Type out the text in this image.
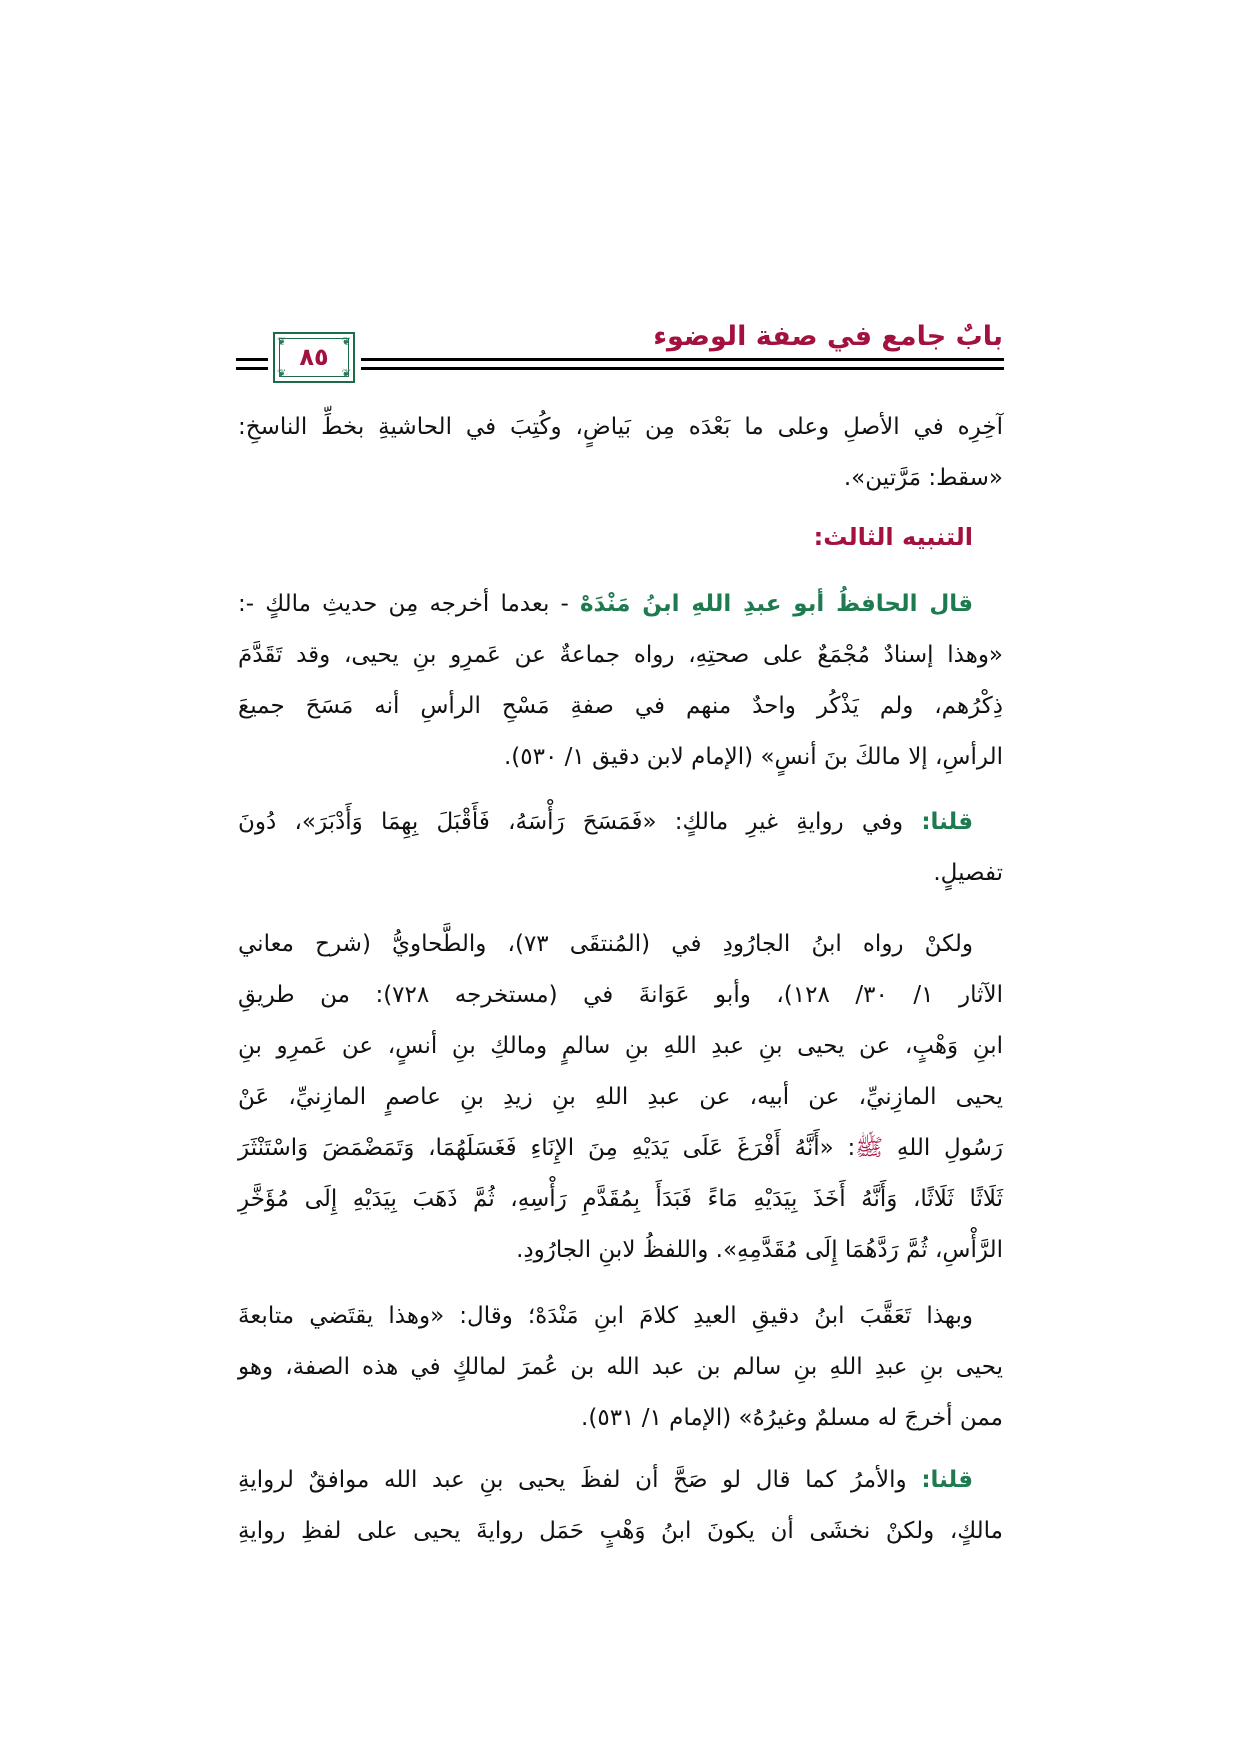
بابٌ جامع في صفة الوضوء
❦	❦
❦	❦
٨٥
آخِرِه في الأصلِ وعلى ما بَعْدَه مِن بَياضٍ، وكُتِبَ في الحاشيةِ بخطِّ الناسخِ:
«سقط: مَرَّتين».
التنبيه الثالث:
قال الحافظُ أبو عبدِ اللهِ ابنُ مَنْدَهْ - بعدما أخرجه مِن حديثِ مالكٍ -:
«وهذا إسنادٌ مُجْمَعٌ على صحتِهِ، رواه جماعةٌ عن عَمرِو بنِ يحيى، وقد تَقَدَّمَ
ذِكْرُهم، ولم يَذْكُر واحدٌ منهم في صفةِ مَسْحِ الرأسِ أنه مَسَحَ جميعَ
الرأسِ، إلا مالكَ بنَ أنسٍ» (الإمام لابن دقيق ١/ ٥٣٠).
قلنا: وفي روايةِ غيرِ مالكٍ: «فَمَسَحَ رَأْسَهُ، فَأَقْبَلَ بِهِمَا وَأَدْبَرَ»، دُونَ
تفصيلٍ.
ولكنْ رواه ابنُ الجارُودِ في (المُنتقَى ٧٣)، والطَّحاويُّ (شرح معاني
الآثار ١/ ٣٠/ ١٢٨)، وأبو عَوَانةَ في (مستخرجه ٧٢٨): من طريقِ
ابنِ وَهْبٍ، عن يحيى بنِ عبدِ اللهِ بنِ سالمٍ ومالكِ بنِ أنسٍ، عن عَمرِو بنِ
يحيى المازِنيِّ، عن أبيه، عن عبدِ اللهِ بنِ زيدِ بنِ عاصمٍ المازِنيِّ، عَنْ
رَسُولِ اللهِ ﷺ: «أَنَّهُ أَفْرَغَ عَلَى يَدَيْهِ مِنَ الإِنَاءِ فَغَسَلَهُمَا، وَتَمَضْمَضَ وَاسْتَنْثَرَ
ثَلَاثًا ثَلَاثًا، وَأَنَّهُ أَخَذَ بِيَدَيْهِ مَاءً فَبَدَأَ بِمُقَدَّمِ رَأْسِهِ، ثُمَّ ذَهَبَ بِيَدَيْهِ إِلَى مُؤَخَّرِ
الرَّأْسِ، ثُمَّ رَدَّهُمَا إِلَى مُقَدَّمِهِ». واللفظُ لابنِ الجارُودِ.
وبهذا تَعَقَّبَ ابنُ دقيقِ العيدِ كلامَ ابنِ مَنْدَهْ؛ وقال: «وهذا يقتَضي متابعةَ
يحيى بنِ عبدِ اللهِ بنِ سالم بن عبد الله بن عُمرَ لمالكٍ في هذه الصفة، وهو
ممن أخرجَ له مسلمٌ وغيرُهُ» (الإمام ١/ ٥٣١).
قلنا: والأمرُ كما قال لو صَحَّ أن لفظَ يحيى بنِ عبد الله موافقٌ لروايةِ
مالكٍ، ولكنْ نخشَى أن يكونَ ابنُ وَهْبٍ حَمَل روايةَ يحيى على لفظِ روايةِ
